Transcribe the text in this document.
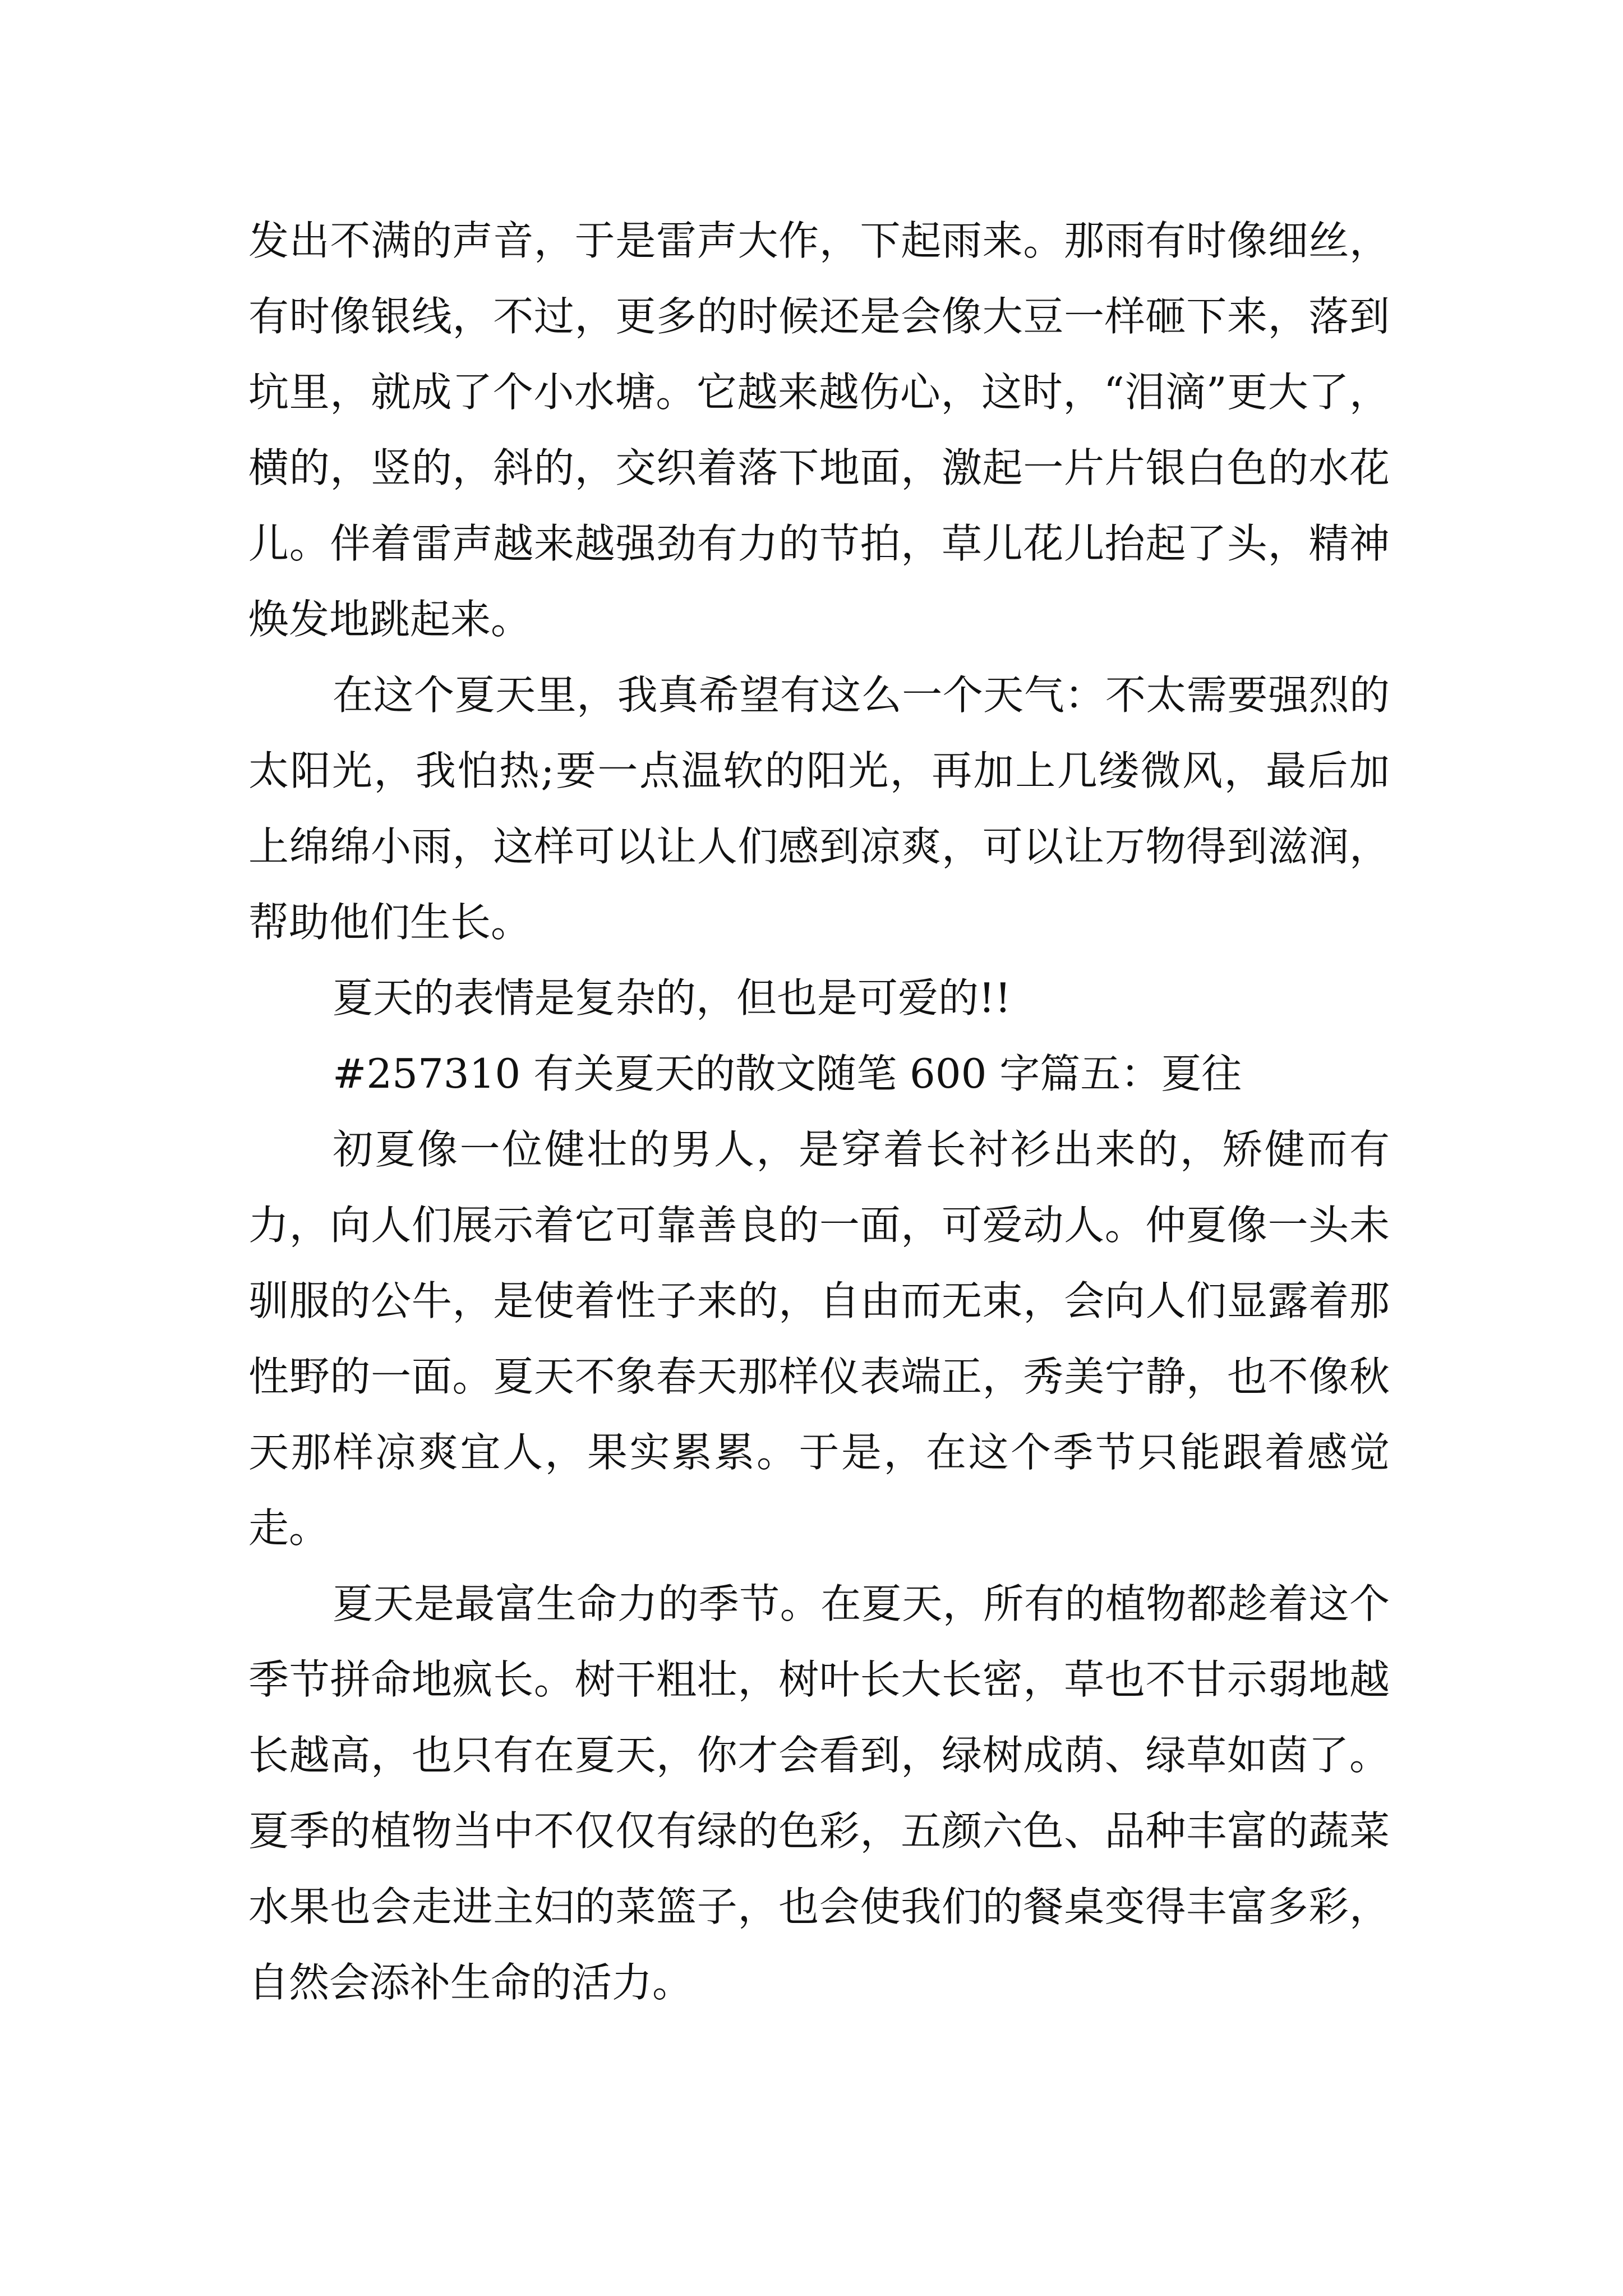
发出不满的声音，于是雷声大作，下起雨来。那雨有时像细丝，有时像银线，不过，更多的时候还是会像大豆一样砸下来，落到坑里，就成了个小水塘。它越来越伤心，这时，“泪滴”更大了，横的，竖的，斜的，交织着落下地面，激起一片片银白色的水花儿。伴着雷声越来越强劲有力的节拍，草儿花儿抬起了头，精神焕发地跳起来。

在这个夏天里，我真希望有这么一个天气：不太需要强烈的太阳光，我怕热;要一点温软的阳光，再加上几缕微风，最后加上绵绵小雨，这样可以让人们感到凉爽，可以让万物得到滋润，帮助他们生长。

夏天的表情是复杂的，但也是可爱的!!

#257310 有关夏天的散文随笔 600 字篇五：夏往

初夏像一位健壮的男人，是穿着长衬衫出来的，矫健而有力，向人们展示着它可靠善良的一面，可爱动人。仲夏像一头未驯服的公牛，是使着性子来的，自由而无束，会向人们显露着那性野的一面。夏天不象春天那样仪表端正，秀美宁静，也不像秋天那样凉爽宜人，果实累累。于是，在这个季节只能跟着感觉走。

夏天是最富生命力的季节。在夏天，所有的植物都趁着这个季节拼命地疯长。树干粗壮，树叶长大长密，草也不甘示弱地越长越高，也只有在夏天，你才会看到，绿树成荫、绿草如茵了。夏季的植物当中不仅仅有绿的色彩，五颜六色、品种丰富的蔬菜水果也会走进主妇的菜篮子，也会使我们的餐桌变得丰富多彩，自然会添补生命的活力。
